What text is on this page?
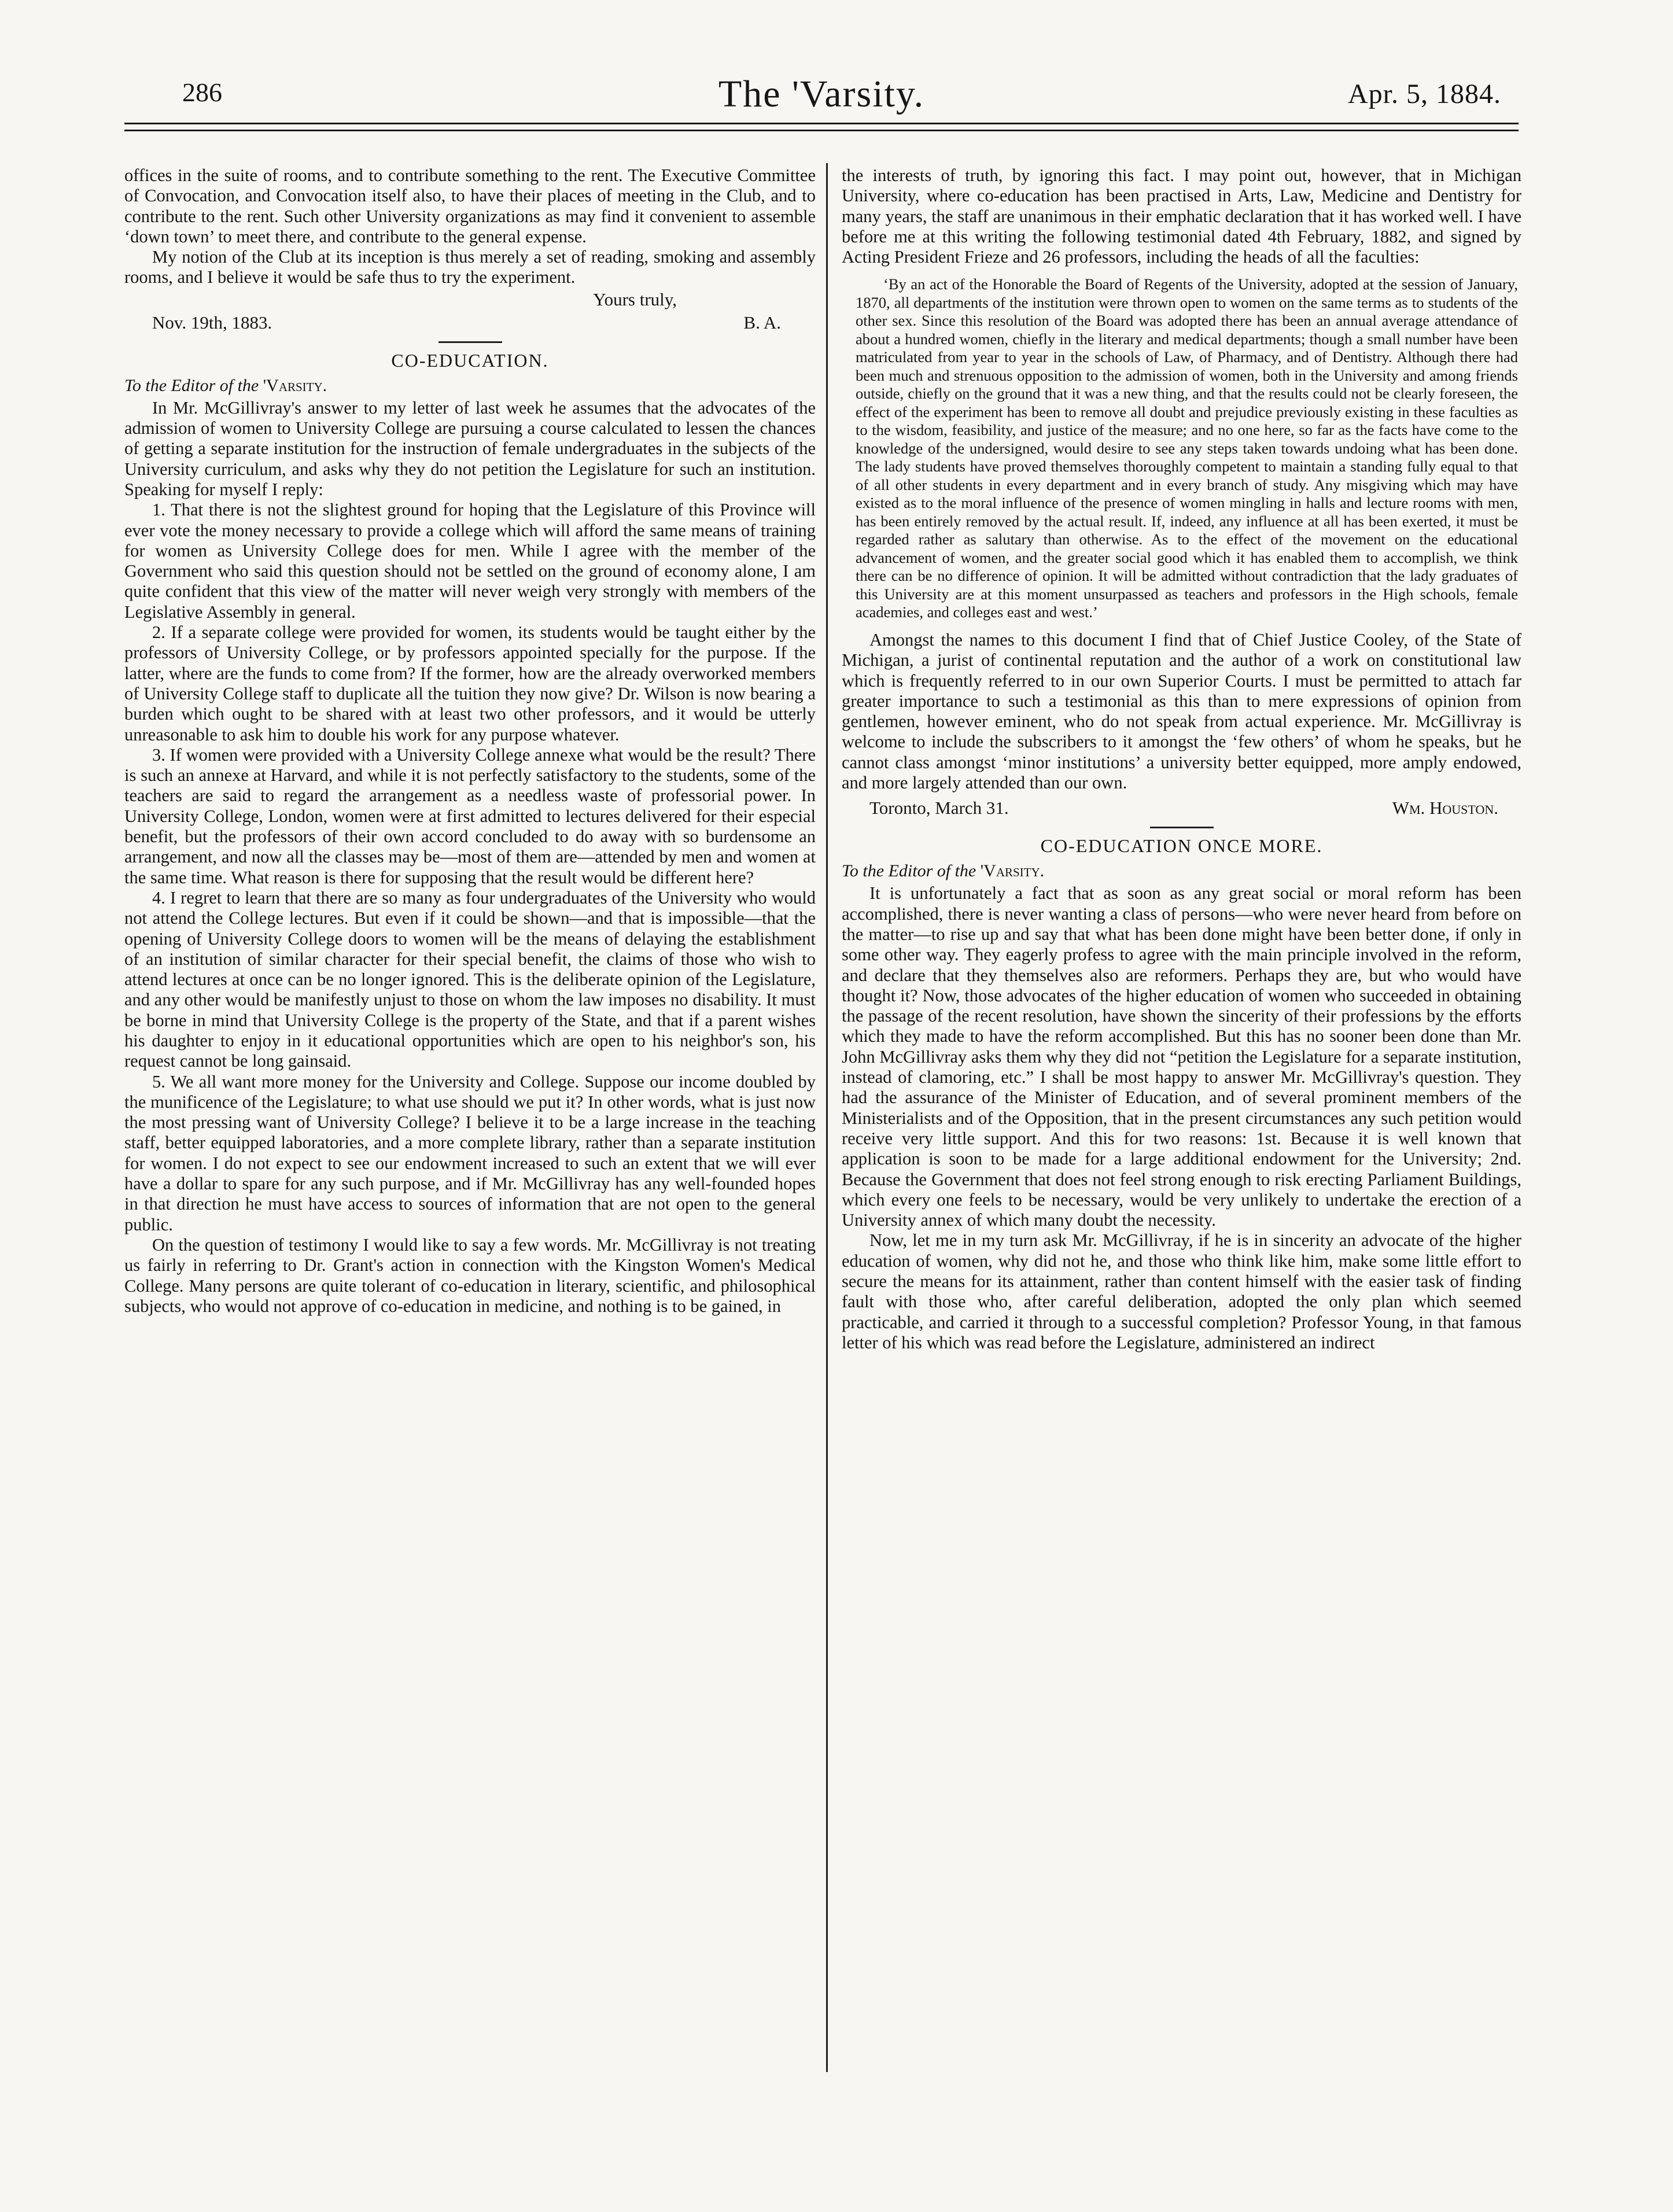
286	The 'Varsity.	Apr. 5, 1884.

offices in the suite of rooms, and to contribute something to the rent. The Executive Committee of Convocation, and Convocation itself also, to have their places of meeting in the Club, and to contribute to the rent. Such other University organizations as may find it convenient to assemble ‘down town’ to meet there, and contribute to the general expense.

My notion of the Club at its inception is thus merely a set of reading, smoking and assembly rooms, and I believe it would be safe thus to try the experiment.

Yours truly,
Nov. 19th, 1883.	B. A.
CO-EDUCATION.
To the Editor of the 'Varsity.

In Mr. McGillivray's answer to my letter of last week he assumes that the advocates of the admission of women to University College are pursuing a course calculated to lessen the chances of getting a separate institution for the instruction of female undergraduates in the subjects of the University curriculum, and asks why they do not petition the Legislature for such an institution. Speaking for myself I reply:

1. That there is not the slightest ground for hoping that the Legislature of this Province will ever vote the money necessary to provide a college which will afford the same means of training for women as University College does for men. While I agree with the member of the Government who said this question should not be settled on the ground of economy alone, I am quite confident that this view of the matter will never weigh very strongly with members of the Legislative Assembly in general.

2. If a separate college were provided for women, its students would be taught either by the professors of University College, or by professors appointed specially for the purpose. If the latter, where are the funds to come from? If the former, how are the already overworked members of University College staff to duplicate all the tuition they now give? Dr. Wilson is now bearing a burden which ought to be shared with at least two other professors, and it would be utterly unreasonable to ask him to double his work for any purpose whatever.

3. If women were provided with a University College annexe what would be the result? There is such an annexe at Harvard, and while it is not perfectly satisfactory to the students, some of the teachers are said to regard the arrangement as a needless waste of professorial power. In University College, London, women were at first admitted to lectures delivered for their especial benefit, but the professors of their own accord concluded to do away with so burdensome an arrangement, and now all the classes may be—most of them are—attended by men and women at the same time. What reason is there for supposing that the result would be different here?

4. I regret to learn that there are so many as four undergraduates of the University who would not attend the College lectures. But even if it could be shown—and that is impossible—that the opening of University College doors to women will be the means of delaying the establishment of an institution of similar character for their special benefit, the claims of those who wish to attend lectures at once can be no longer ignored. This is the deliberate opinion of the Legislature, and any other would be manifestly unjust to those on whom the law imposes no disability. It must be borne in mind that University College is the property of the State, and that if a parent wishes his daughter to enjoy in it educational opportunities which are open to his neighbor's son, his request cannot be long gainsaid.

5. We all want more money for the University and College. Suppose our income doubled by the munificence of the Legislature; to what use should we put it? In other words, what is just now the most pressing want of University College? I believe it to be a large increase in the teaching staff, better equipped laboratories, and a more complete library, rather than a separate institution for women. I do not expect to see our endowment increased to such an extent that we will ever have a dollar to spare for any such purpose, and if Mr. McGillivray has any well-founded hopes in that direction he must have access to sources of information that are not open to the general public.

On the question of testimony I would like to say a few words. Mr. McGillivray is not treating us fairly in referring to Dr. Grant's action in connection with the Kingston Women's Medical College. Many persons are quite tolerant of co-education in literary, scientific, and philosophical subjects, who would not approve of co-education in medicine, and nothing is to be gained, in

the interests of truth, by ignoring this fact. I may point out, however, that in Michigan University, where co-education has been practised in Arts, Law, Medicine and Dentistry for many years, the staff are unanimous in their emphatic declaration that it has worked well. I have before me at this writing the following testimonial dated 4th February, 1882, and signed by Acting President Frieze and 26 professors, including the heads of all the faculties:

‘By an act of the Honorable the Board of Regents of the University, adopted at the session of January, 1870, all departments of the institution were thrown open to women on the same terms as to students of the other sex. Since this resolution of the Board was adopted there has been an annual average attendance of about a hundred women, chiefly in the literary and medical departments; though a small number have been matriculated from year to year in the schools of Law, of Pharmacy, and of Dentistry. Although there had been much and strenuous opposition to the admission of women, both in the University and among friends outside, chiefly on the ground that it was a new thing, and that the results could not be clearly foreseen, the effect of the experiment has been to remove all doubt and prejudice previously existing in these faculties as to the wisdom, feasibility, and justice of the measure; and no one here, so far as the facts have come to the knowledge of the undersigned, would desire to see any steps taken towards undoing what has been done. The lady students have proved themselves thoroughly competent to maintain a standing fully equal to that of all other students in every department and in every branch of study. Any misgiving which may have existed as to the moral influence of the presence of women mingling in halls and lecture rooms with men, has been entirely removed by the actual result. If, indeed, any influence at all has been exerted, it must be regarded rather as salutary than otherwise. As to the effect of the movement on the educational advancement of women, and the greater social good which it has enabled them to accomplish, we think there can be no difference of opinion. It will be admitted without contradiction that the lady graduates of this University are at this moment unsurpassed as teachers and professors in the High schools, female academies, and colleges east and west.’

Amongst the names to this document I find that of Chief Justice Cooley, of the State of Michigan, a jurist of continental reputation and the author of a work on constitutional law which is frequently referred to in our own Superior Courts. I must be permitted to attach far greater importance to such a testimonial as this than to mere expressions of opinion from gentlemen, however eminent, who do not speak from actual experience. Mr. McGillivray is welcome to include the subscribers to it amongst the ‘few others’ of whom he speaks, but he cannot class amongst ‘minor institutions’ a university better equipped, more amply endowed, and more largely attended than our own.

Toronto, March 31.	Wm. Houston.
CO-EDUCATION ONCE MORE.
To the Editor of the 'Varsity.

It is unfortunately a fact that as soon as any great social or moral reform has been accomplished, there is never wanting a class of persons—who were never heard from before on the matter—to rise up and say that what has been done might have been better done, if only in some other way. They eagerly profess to agree with the main principle involved in the reform, and declare that they themselves also are reformers. Perhaps they are, but who would have thought it? Now, those advocates of the higher education of women who succeeded in obtaining the passage of the recent resolution, have shown the sincerity of their professions by the efforts which they made to have the reform accomplished. But this has no sooner been done than Mr. John McGillivray asks them why they did not “petition the Legislature for a separate institution, instead of clamoring, etc.” I shall be most happy to answer Mr. McGillivray's question. They had the assurance of the Minister of Education, and of several prominent members of the Ministerialists and of the Opposition, that in the present circumstances any such petition would receive very little support. And this for two reasons: 1st. Because it is well known that application is soon to be made for a large additional endowment for the University; 2nd. Because the Government that does not feel strong enough to risk erecting Parliament Buildings, which every one feels to be necessary, would be very unlikely to undertake the erection of a University annex of which many doubt the necessity.

Now, let me in my turn ask Mr. McGillivray, if he is in sincerity an advocate of the higher education of women, why did not he, and those who think like him, make some little effort to secure the means for its attainment, rather than content himself with the easier task of finding fault with those who, after careful deliberation, adopted the only plan which seemed practicable, and carried it through to a successful completion? Professor Young, in that famous letter of his which was read before the Legislature, administered an indirect
